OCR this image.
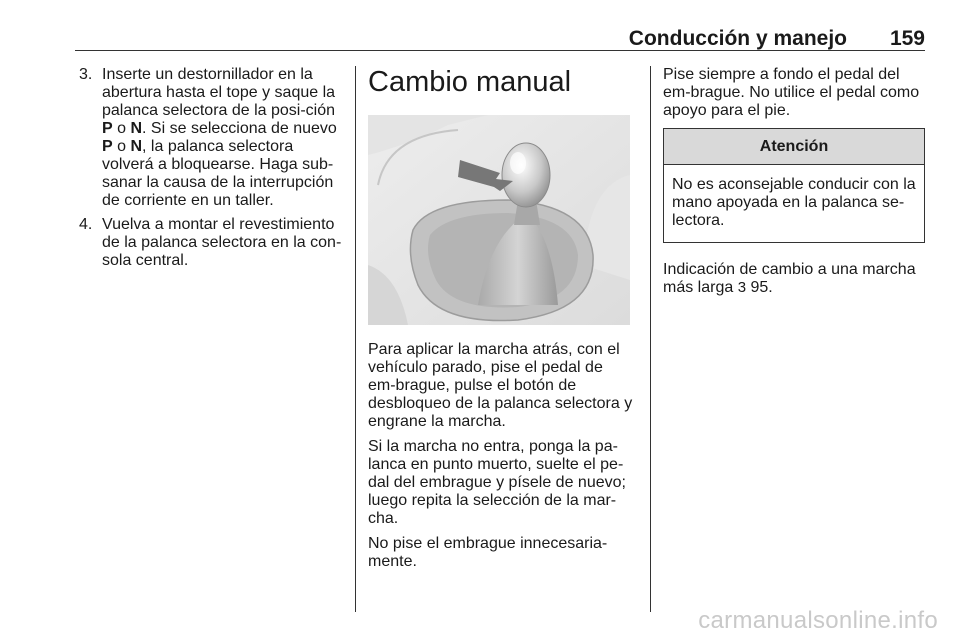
Conducción y manejo 159
3. Inserte un destornillador en la abertura hasta el tope y saque la palanca selectora de la posi-ción P o N. Si se selecciona de nuevo P o N, la palanca selectora volverá a bloquearse. Haga sub-sanar la causa de la interrupción de corriente en un taller.
4. Vuelva a montar el revestimiento de la palanca selectora en la con-sola central.
Cambio manual

Para aplicar la marcha atrás, con el vehículo parado, pise el pedal de em-brague, pulse el botón de desbloqueo de la palanca selectora y engrane la marcha.

Si la marcha no entra, ponga la pa-lanca en punto muerto, suelte el pe-dal del embrague y písele de nuevo; luego repita la selección de la mar-cha.

No pise el embrague innecesaria-mente.

Pise siempre a fondo el pedal del em-brague. No utilice el pedal como apoyo para el pie.

Atención
No es aconsejable conducir con la mano apoyada en la palanca se-lectora.

Indicación de cambio a una marcha más larga 3 95.

carmanualsonline.info
